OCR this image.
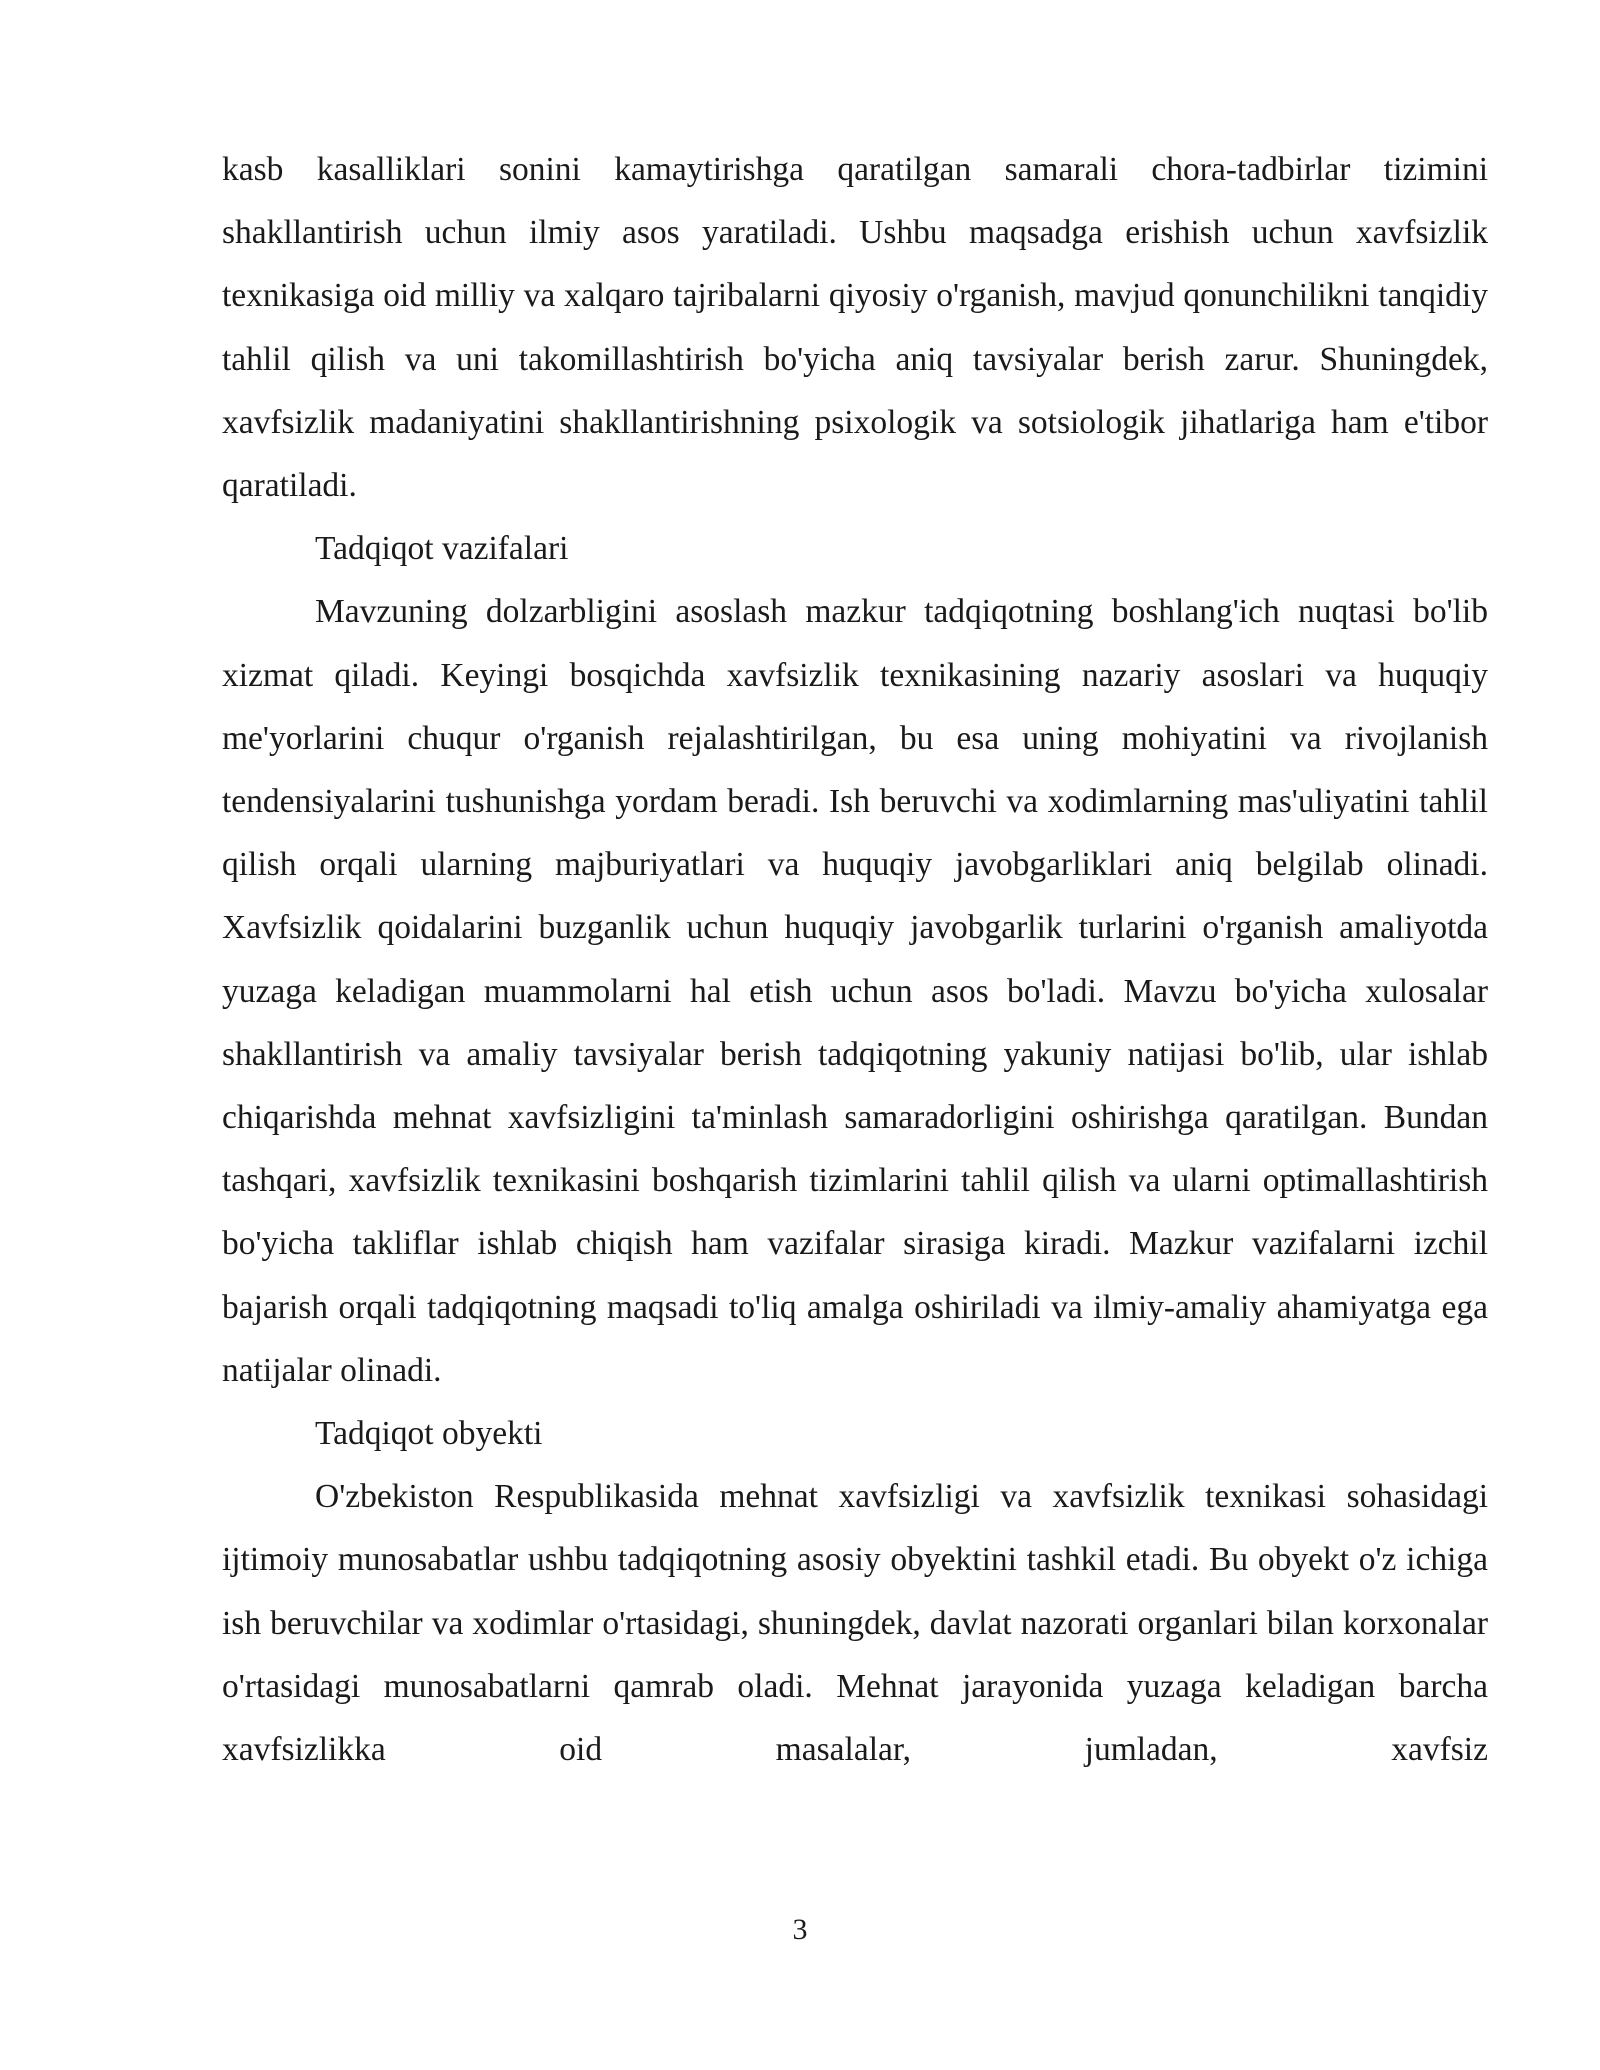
kasb kasalliklari sonini kamaytirishga qaratilgan samarali chora-tadbirlar tizimini shakllantirish uchun ilmiy asos yaratiladi. Ushbu maqsadga erishish uchun xavfsizlik texnikasiga oid milliy va xalqaro tajribalarni qiyosiy o'rganish, mavjud qonunchilikni tanqidiy tahlil qilish va uni takomillashtirish bo'yicha aniq tavsiyalar berish zarur. Shuningdek, xavfsizlik madaniyatini shakllantirishning psixologik va sotsiologik jihatlariga ham e'tibor qaratiladi.

Tadqiqot vazifalari

Mavzuning dolzarbligini asoslash mazkur tadqiqotning boshlang'ich nuqtasi bo'lib xizmat qiladi. Keyingi bosqichda xavfsizlik texnikasining nazariy asoslari va huquqiy me'yorlarini chuqur o'rganish rejalashtirilgan, bu esa uning mohiyatini va rivojlanish tendensiyalarini tushunishga yordam beradi. Ish beruvchi va xodimlarning mas'uliyatini tahlil qilish orqali ularning majburiyatlari va huquqiy javobgarliklari aniq belgilab olinadi. Xavfsizlik qoidalarini buzganlik uchun huquqiy javobgarlik turlarini o'rganish amaliyotda yuzaga keladigan muammolarni hal etish uchun asos bo'ladi. Mavzu bo'yicha xulosalar shakllantirish va amaliy tavsiyalar berish tadqiqotning yakuniy natijasi bo'lib, ular ishlab chiqarishda mehnat xavfsizligini ta'minlash samaradorligini oshirishga qaratilgan. Bundan tashqari, xavfsizlik texnikasini boshqarish tizimlarini tahlil qilish va ularni optimallashtirish bo'yicha takliflar ishlab chiqish ham vazifalar sirasiga kiradi. Mazkur vazifalarni izchil bajarish orqali tadqiqotning maqsadi to'liq amalga oshiriladi va ilmiy-amaliy ahamiyatga ega natijalar olinadi.

Tadqiqot obyekti

O'zbekiston Respublikasida mehnat xavfsizligi va xavfsizlik texnikasi sohasidagi ijtimoiy munosabatlar ushbu tadqiqotning asosiy obyektini tashkil etadi. Bu obyekt o'z ichiga ish beruvchilar va xodimlar o'rtasidagi, shuningdek, davlat nazorati organlari bilan korxonalar o'rtasidagi munosabatlarni qamrab oladi. Mehnat jarayonida yuzaga keladigan barcha xavfsizlikka oid masalalar, jumladan, xavfsiz

3
